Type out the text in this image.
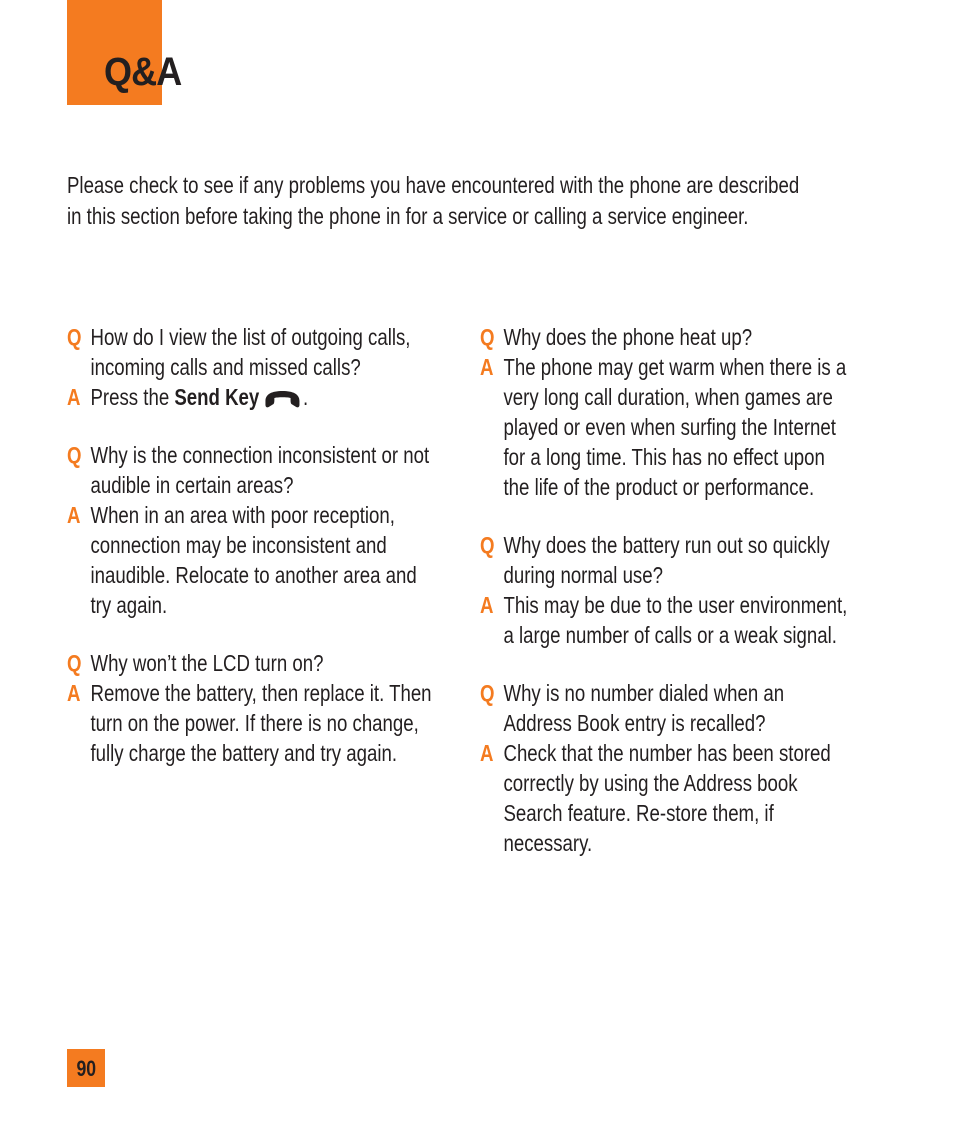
Q&A

Please check to see if any problems you have encountered with the phone are described in this section before taking the phone in for a service or calling a service engineer.

Q How do I view the list of outgoing calls, incoming calls and missed calls?
A Press the Send Key .
Q Why is the connection inconsistent or not audible in certain areas?
A When in an area with poor reception, connection may be inconsistent and inaudible. Relocate to another area and try again.
Q Why won’t the LCD turn on?
A Remove the battery, then replace it. Then turn on the power. If there is no change, fully charge the battery and try again.
Q Why does the phone heat up?
A The phone may get warm when there is a very long call duration, when games are played or even when surfing the Internet for a long time. This has no effect upon the life of the product or performance.
Q Why does the battery run out so quickly during normal use?
A This may be due to the user environment, a large number of calls or a weak signal.
Q Why is no number dialed when an Address Book entry is recalled?
A Check that the number has been stored correctly by using the Address book Search feature. Re-store them, if necessary.
90
